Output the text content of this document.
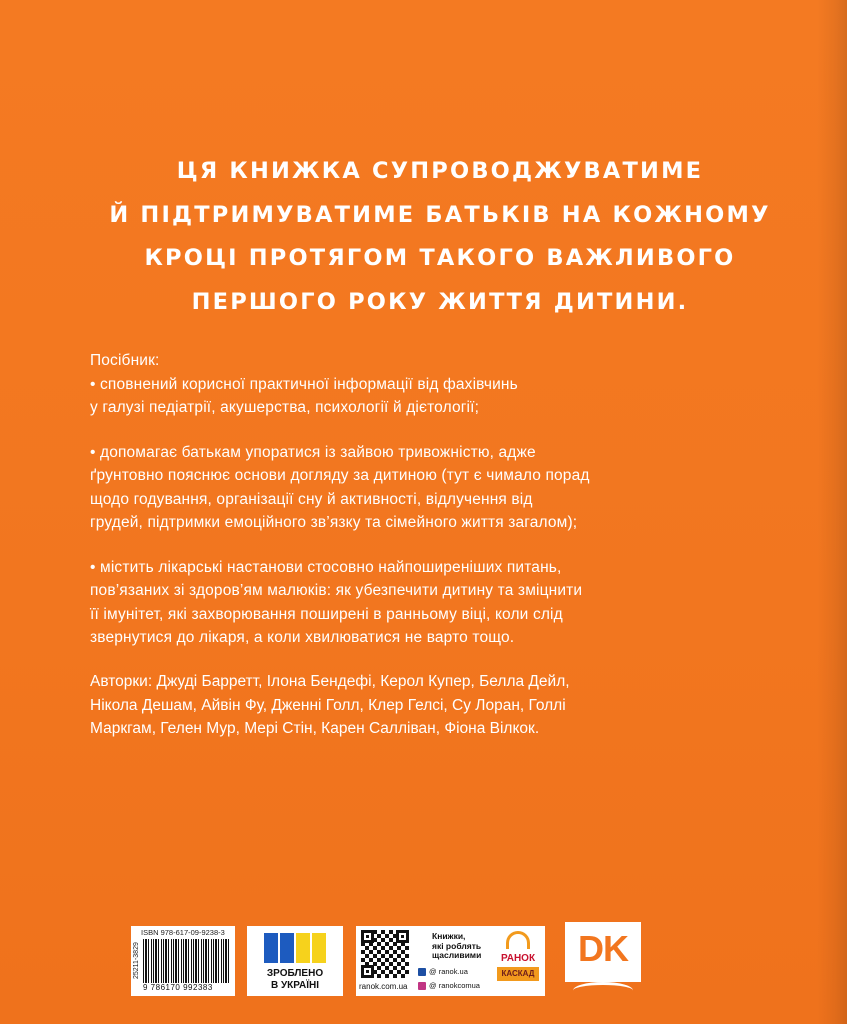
ЦЯ КНИЖКА СУПРОВОДЖУВАТИМЕ
Й ПІДТРИМУВАТИМЕ БАТЬКІВ НА КОЖНОМУ
КРОЦІ ПРОТЯГОМ ТАКОГО ВАЖЛИВОГО
ПЕРШОГО РОКУ ЖИТТЯ ДИТИНИ.
Посібник:
• сповнений корисної практичної інформації від фахівчинь
у галузі педіатрії, акушерства, психології й дієтології;
• допомагає батькам упоратися із зайвою тривожністю, адже
ґрунтовно пояснює основи догляду за дитиною (тут є чимало порад
щодо годування, організації сну й активності, відлучення від
грудей, підтримки емоційного зв’язку та сімейного життя загалом);
• містить лікарські настанови стосовно найпоширеніших питань,
пов’язаних зі здоров’ям малюків: як убезпечити дитину та зміцнити
її імунітет, які захворювання поширені в ранньому віці, коли слід
звернутися до лікаря, а коли хвилюватися не варто тощо.
Авторки: Джуді Барретт, Ілона Бендефі, Керол Купер, Белла Дейл,
Нікола Дешам, Айвін Фу, Дженні Голл, Клер Гелсі, Су Лоран, Голлі
Маркгам, Гелен Мур, Мері Стін, Карен Салліван, Фіона Вілкок.
25211-3829
ISBN 978-617-09-9238-3
9 786170 992383
ЗРОБЛЕНО
В УКРАЇНІ	ranok.com.ua
Книжки,
які роблять
щасливими
@ ranok.ua
@ ranokcomua
РАНОК
КАСКАД
DK
